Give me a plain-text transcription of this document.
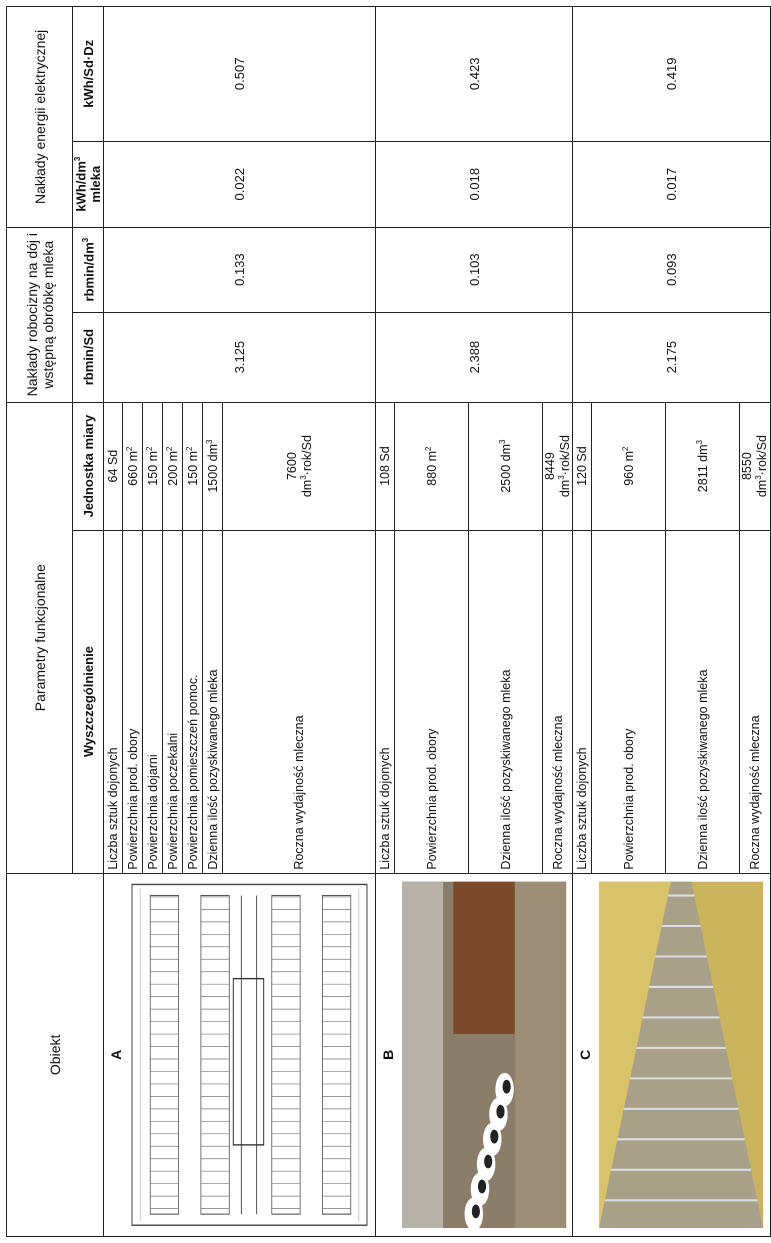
Obiekt	Parametry funkcjonalne		Nakłady robocizny na dój i wstępną obróbkę mleka		Nakłady energii elektrycznej	
	Wyszczególnienie	Jednostka miary	rbmin/Sd	rbmin/$dm^3$	kWh/$dm^3$ mleka	kWh/Sd·Dz

A	Liczba sztuk dojonych	64 Sd	3.125	0.133	0.022	0.507
	Powierzchnia prod. obory	660 $m^2$
	Powierzchnia dojarni	150 $m^2$
	Powierzchnia poczekalni	200 $m^2$
	Powierzchnia pomieszczeń pomoc.	150 $m^2$
	Dzienna ilość pozyskiwanego mleka	1500 $dm^3$
	Roczna wydajność mleczna	7600
$dm^3\cdot rok/Sd$				

B	Liczba sztuk dojonych	108 Sd	2.388	0.103	0.018	0.423
	Powierzchnia prod. obory	880 $m^2$
	Dzienna ilość pozyskiwanego mleka	2500 $dm^3$
	Roczna wydajność mleczna	8449
$dm^3\cdot rok/Sd$				

C	Liczba sztuk dojonych	120 Sd	2.175	0.093	0.017	0.419
	Powierzchnia prod. obory	960 $m^2$
	Dzienna ilość pozyskiwanego mleka	2811 $dm^3$
	Roczna wydajność mleczna	8550
$dm^3\cdot rok/Sd$				
